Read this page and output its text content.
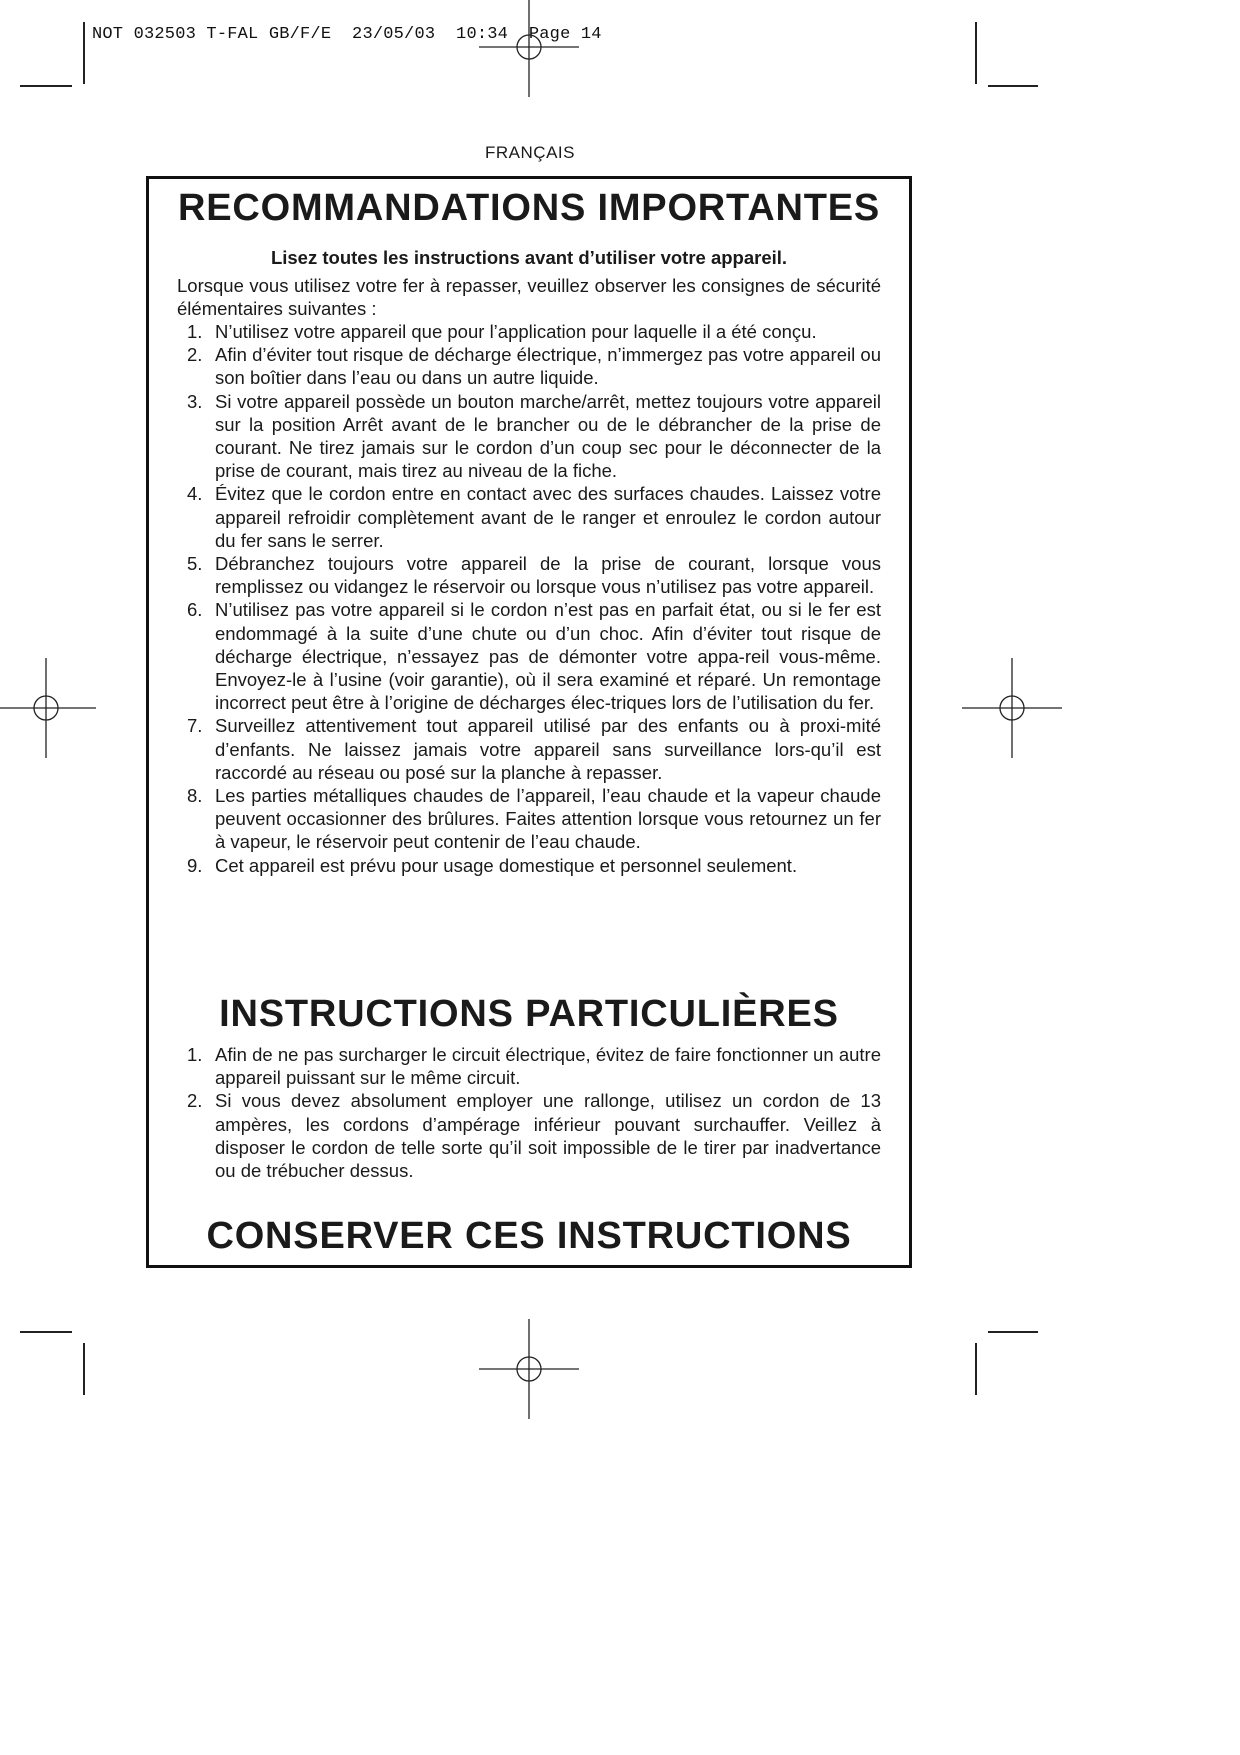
NOT 032503 T-FAL GB/F/E  23/05/03  10:34  Page 14
FRANÇAIS
RECOMMANDATIONS IMPORTANTES
Lisez toutes les instructions avant d’utiliser votre appareil.
Lorsque vous utilisez votre fer à repasser, veuillez observer les consignes de sécurité élémentaires suivantes :
1. N’utilisez votre appareil que pour l’application pour laquelle il a été conçu.
2. Afin d’éviter tout risque de décharge électrique, n’immergez pas votre appareil ou son boîtier dans l’eau ou dans un autre liquide.
3. Si votre appareil possède un bouton marche/arrêt, mettez toujours votre appareil sur la position Arrêt avant de le brancher ou de le débrancher de la prise de courant. Ne tirez jamais sur le cordon d’un coup sec pour le déconnecter de la prise de courant, mais tirez au niveau de la fiche.
4. Évitez que le cordon entre en contact avec des surfaces chaudes. Laissez votre appareil refroidir complètement avant de le ranger et enroulez le cordon autour du fer sans le serrer.
5. Débranchez toujours votre appareil de la prise de courant, lorsque vous remplissez ou vidangez le réservoir ou lorsque vous n’utilisez pas votre appareil.
6. N’utilisez pas votre appareil si le cordon n’est pas en parfait état, ou si le fer est endommagé à la suite d’une chute ou d’un choc. Afin d’éviter tout risque de décharge électrique, n’essayez pas de démonter votre appa-reil vous-même. Envoyez-le à l’usine (voir garantie), où il sera examiné et réparé. Un remontage incorrect peut être à l’origine de décharges élec-triques lors de l’utilisation du fer.
7. Surveillez attentivement tout appareil utilisé par des enfants ou à proxi-mité d’enfants. Ne laissez jamais votre appareil sans surveillance lors-qu’il est raccordé au réseau ou posé sur la planche à repasser.
8. Les parties métalliques chaudes de l’appareil, l’eau chaude et la vapeur chaude peuvent occasionner des brûlures. Faites attention lorsque vous retournez un fer à vapeur, le réservoir peut contenir de l’eau chaude.
9. Cet appareil est prévu pour usage domestique et personnel seulement.
INSTRUCTIONS PARTICULIÈRES
1. Afin de ne pas surcharger le circuit électrique, évitez de faire fonctionner un autre appareil puissant sur le même circuit.
2. Si vous devez absolument employer une rallonge, utilisez un cordon de 13 ampères, les cordons d’ampérage inférieur pouvant surchauffer. Veillez à disposer le cordon de telle sorte qu’il soit impossible de le tirer par inadvertance ou de trébucher dessus.
CONSERVER CES INSTRUCTIONS
